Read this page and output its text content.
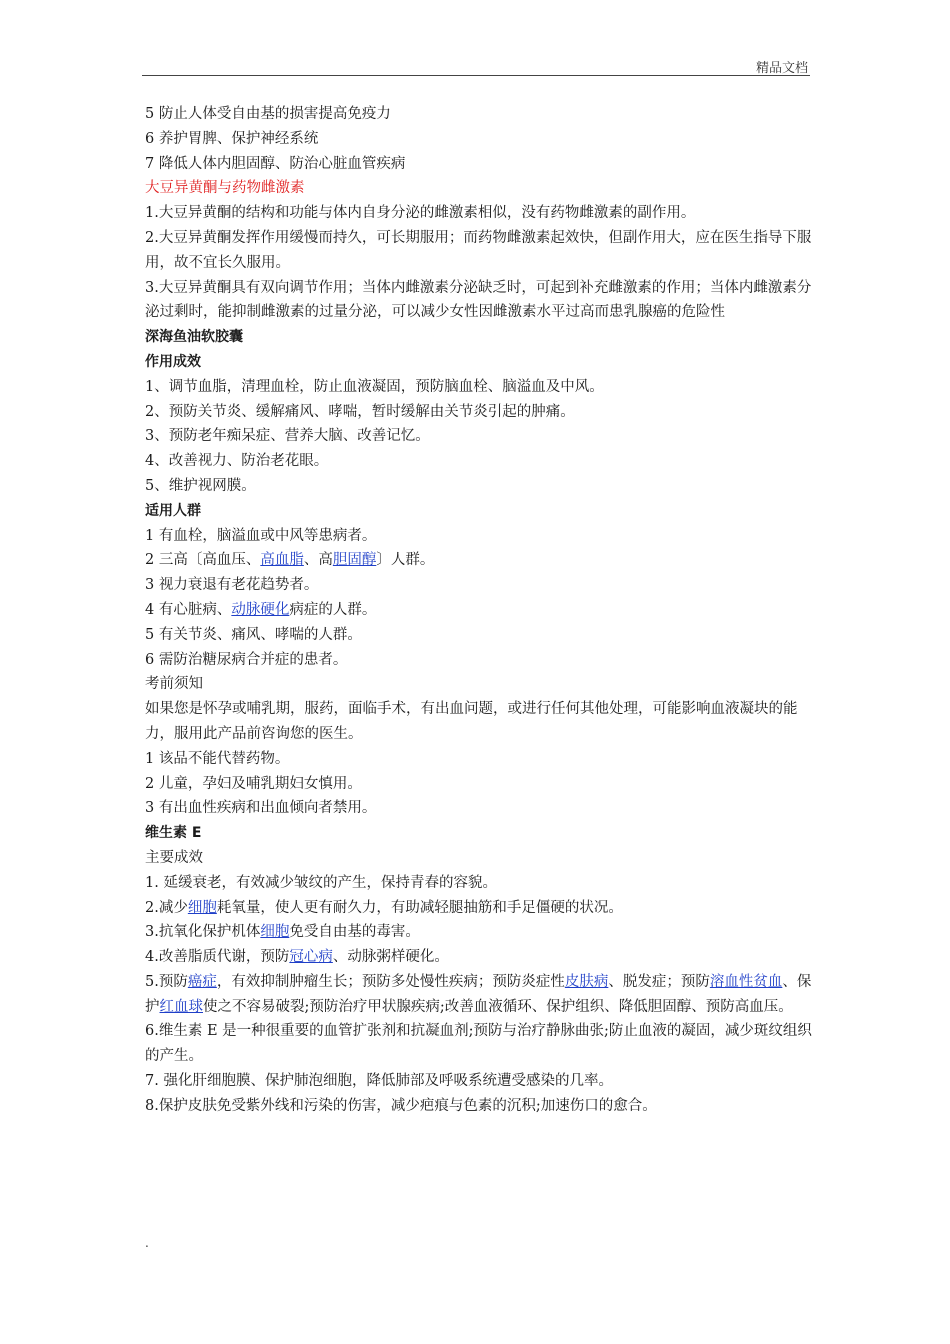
精品文档

5 防止人体受自由基的损害提高免疫力

6 养护胃脾、保护神经系统

7 降低人体内胆固醇、防治心脏血管疾病

大豆异黄酮与药物雌激素

1.大豆异黄酮的结构和功能与体内自身分泌的雌激素相似，没有药物雌激素的副作用。

2.大豆异黄酮发挥作用缓慢而持久，可长期服用；而药物雌激素起效快，但副作用大，应在医生指导下服用，故不宜长久服用。

3.大豆异黄酮具有双向调节作用；当体内雌激素分泌缺乏时，可起到补充雌激素的作用；当体内雌激素分泌过剩时，能抑制雌激素的过量分泌，可以减少女性因雌激素水平过高而患乳腺癌的危险性

深海鱼油软胶囊

作用成效

1、调节血脂，清理血栓，防止血液凝固，预防脑血栓、脑溢血及中风。

2、预防关节炎、缓解痛风、哮喘，暂时缓解由关节炎引起的肿痛。

3、预防老年痴呆症、营养大脑、改善记忆。

4、改善视力、防治老花眼。

5、维护视网膜。

适用人群

1 有血栓，脑溢血或中风等患病者。

2 三高〔高血压、高血脂、高胆固醇〕人群。

3 视力衰退有老花趋势者。

4 有心脏病、动脉硬化病症的人群。

5 有关节炎、痛风、哮喘的人群。

6 需防治糖尿病合并症的患者。

考前须知

如果您是怀孕或哺乳期，服药，面临手术，有出血问题，或进行任何其他处理，可能影响血液凝块的能力，服用此产品前咨询您的医生。

1 该品不能代替药物。

2 儿童，孕妇及哺乳期妇女慎用。

3 有出血性疾病和出血倾向者禁用。

维生素 E

主要成效

1. 延缓衰老，有效减少皱纹的产生，保持青春的容貌。

2.减少细胞耗氧量，使人更有耐久力，有助减轻腿抽筋和手足僵硬的状况。

3.抗氧化保护机体细胞免受自由基的毒害。

4.改善脂质代谢，预防冠心病、动脉粥样硬化。

5.预防癌症，有效抑制肿瘤生长；预防多处慢性疾病；预防炎症性皮肤病、脱发症；预防溶血性贫血、保护红血球使之不容易破裂;预防治疗甲状腺疾病;改善血液循环、保护组织、降低胆固醇、预防高血压。

6.维生素 E 是一种很重要的血管扩张剂和抗凝血剂;预防与治疗静脉曲张;防止血液的凝固，减少斑纹组织的产生。

7. 强化肝细胞膜、保护肺泡细胞，降低肺部及呼吸系统遭受感染的几率。

8.保护皮肤免受紫外线和污染的伤害，减少疤痕与色素的沉积;加速伤口的愈合。

.
